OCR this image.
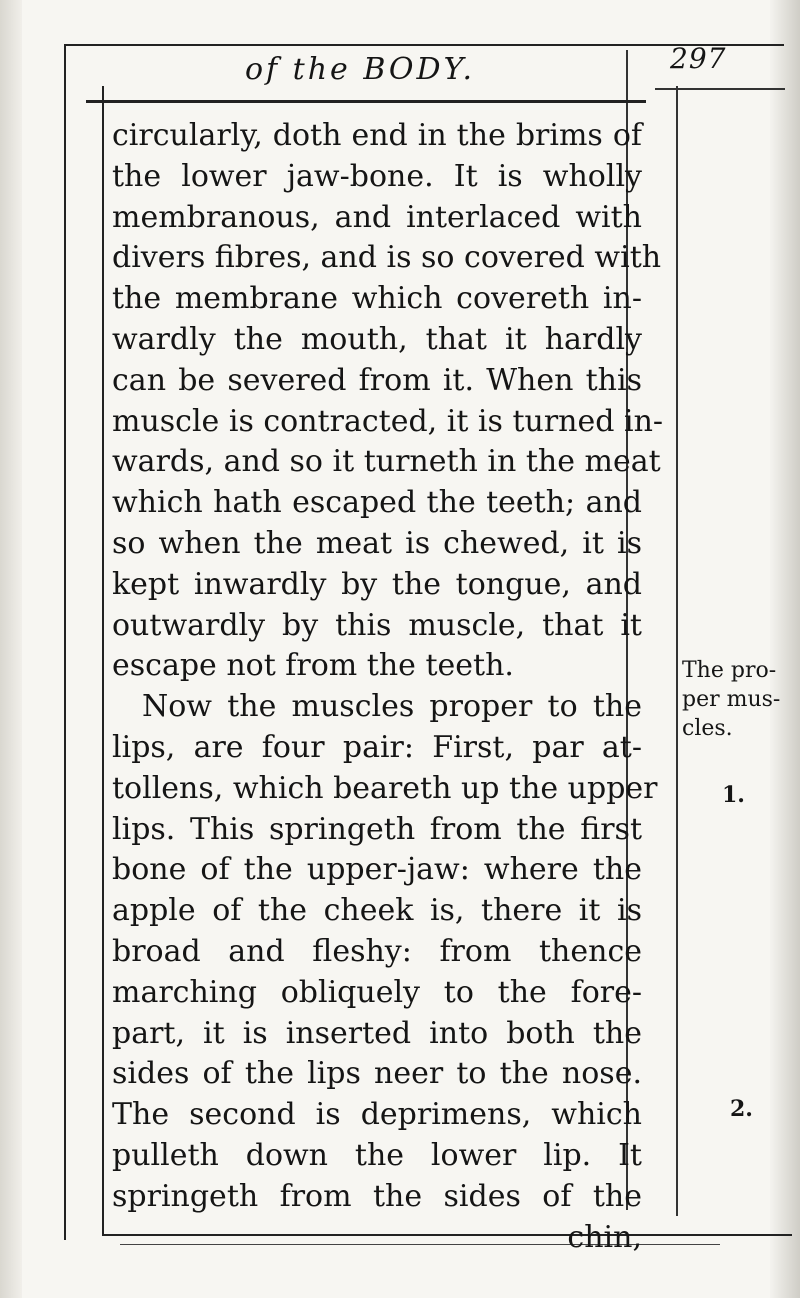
of the BODY.	297
circularly, doth end in the brims of
the lower jaw-bone. It is wholly
membranous, and interlaced with
divers fibres, and is so covered with
the membrane which covereth in-
wardly the mouth, that it hardly
can be severed from it. When this
muscle is contracted, it is turned in-
wards, and so it turneth in the meat
which hath escaped the teeth; and
so when the meat is chewed, it is
kept inwardly by the tongue, and
outwardly by this muscle, that it
escape not from the teeth.
Now the muscles proper to the
lips, are four pair: First, par at-
tollens, which beareth up the upper
lips. This springeth from the first
bone of the upper-jaw: where the
apple of the cheek is, there it is
broad and fleshy: from thence
marching obliquely to the fore-
part, it is inserted into both the
sides of the lips neer to the nose.
The second is deprimens, which
pulleth down the lower lip. It
springeth from the sides of the
chin,
The pro-
per mus-
cles.
1.
2.
